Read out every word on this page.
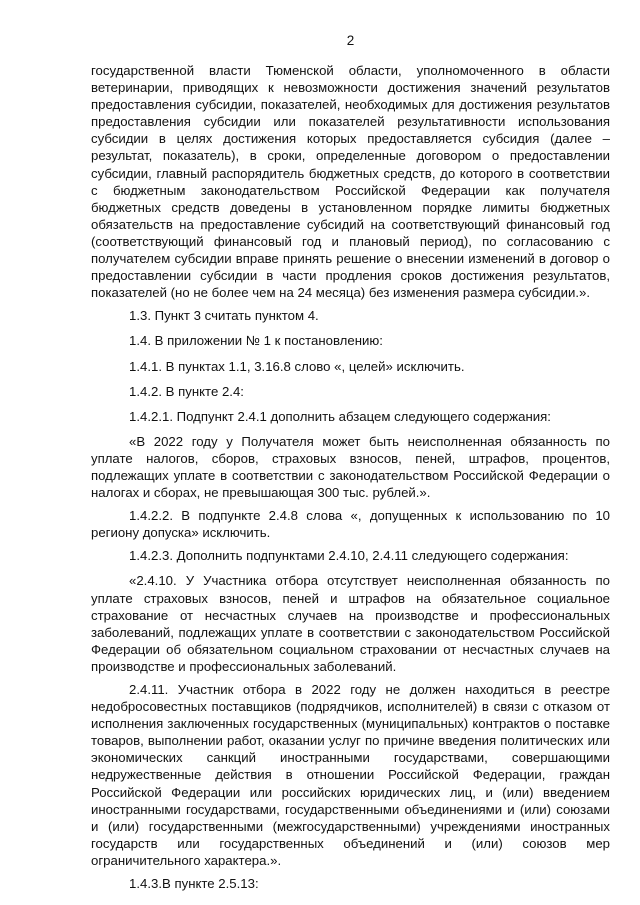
2

государственной власти Тюменской области, уполномоченного в области ветеринарии, приводящих к невозможности достижения значений результатов предоставления субсидии, показателей, необходимых для достижения результатов предоставления субсидии или показателей результативности использования субсидии в целях достижения которых предоставляется субсидия (далее – результат, показатель), в сроки, определенные договором о предоставлении субсидии, главный распорядитель бюджетных средств, до которого в соответствии с бюджетным законодательством Российской Федерации как получателя бюджетных средств доведены в установленном порядке лимиты бюджетных обязательств на предоставление субсидий на соответствующий финансовый год (соответствующий финансовый год и плановый период), по согласованию с получателем субсидии вправе принять решение о внесении изменений в договор о предоставлении субсидии в части продления сроков достижения результатов, показателей (но не более чем на 24 месяца) без изменения размера субсидии.».

1.3. Пункт 3 считать пунктом 4.

1.4. В приложении № 1 к постановлению:

1.4.1. В пунктах 1.1, 3.16.8 слово «, целей» исключить.

1.4.2. В пункте 2.4:

1.4.2.1. Подпункт 2.4.1 дополнить абзацем следующего содержания:

«В 2022 году у Получателя может быть неисполненная обязанность по уплате налогов, сборов, страховых взносов, пеней, штрафов, процентов, подлежащих уплате в соответствии с законодательством Российской Федерации о налогах и сборах, не превышающая 300 тыс. рублей.».

1.4.2.2. В подпункте 2.4.8 слова «, допущенных к использованию по 10 региону допуска» исключить.

1.4.2.3. Дополнить подпунктами 2.4.10, 2.4.11 следующего содержания:

«2.4.10. У Участника отбора отсутствует неисполненная обязанность по уплате страховых взносов, пеней и штрафов на обязательное социальное страхование от несчастных случаев на производстве и профессиональных заболеваний, подлежащих уплате в соответствии с законодательством Российской Федерации об обязательном социальном страховании от несчастных случаев на производстве и профессиональных заболеваний.

2.4.11. Участник отбора в 2022 году не должен находиться в реестре недобросовестных поставщиков (подрядчиков, исполнителей) в связи с отказом от исполнения заключенных государственных (муниципальных) контрактов о поставке товаров, выполнении работ, оказании услуг по причине введения политических или экономических санкций иностранными государствами, совершающими недружественные действия в отношении Российской Федерации, граждан Российской Федерации или российских юридических лиц, и (или) введением иностранными государствами, государственными объединениями и (или) союзами и (или) государственными (межгосударственными) учреждениями иностранных государств или государственных объединений и (или) союзов мер ограничительного характера.».

1.4.3.В пункте 2.5.13:
